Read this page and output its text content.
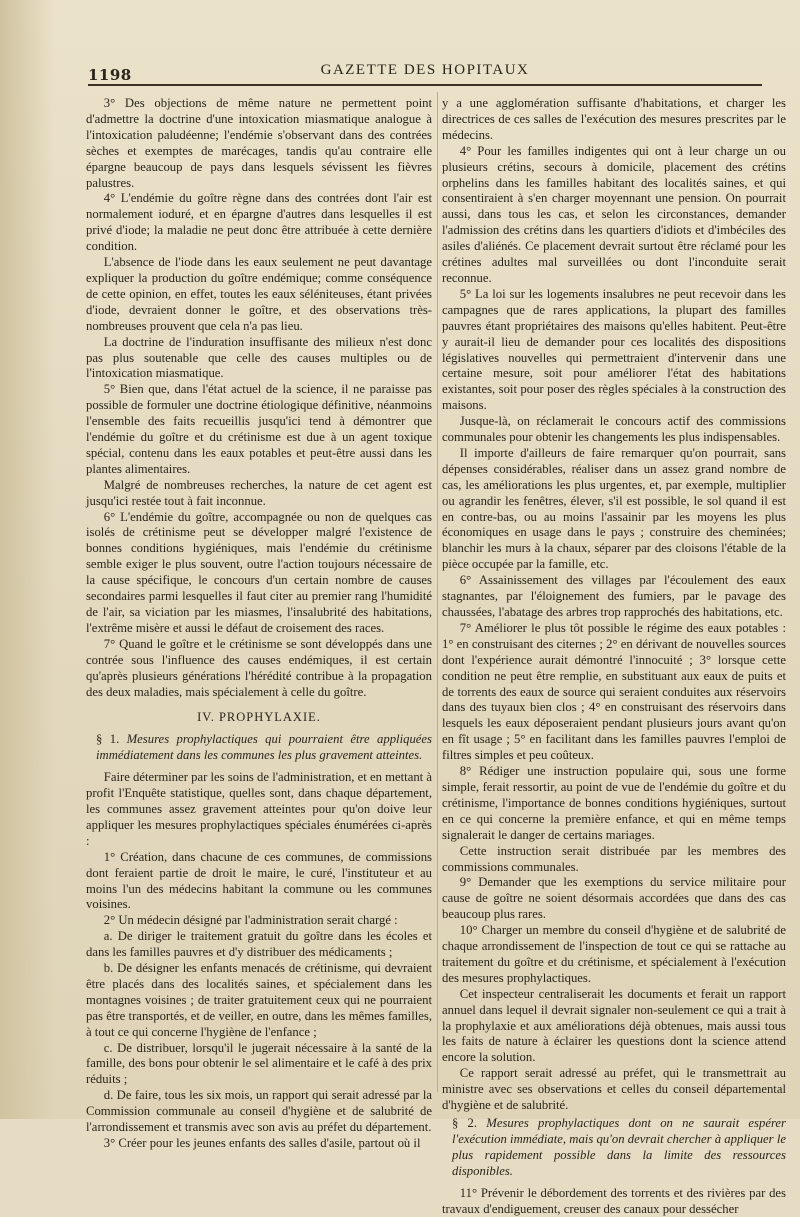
1198	GAZETTE DES HOPITAUX

3° Des objections de même nature ne permettent point d'admettre la doctrine d'une intoxication miasmatique analogue à l'intoxication paludéenne; l'endémie s'observant dans des contrées sèches et exemptes de marécages, tandis qu'au contraire elle épargne beaucoup de pays dans lesquels sévissent les fièvres palustres.

4° L'endémie du goître règne dans des contrées dont l'air est normalement ioduré, et en épargne d'autres dans lesquelles il est privé d'iode; la maladie ne peut donc être attribuée à cette dernière condition.

L'absence de l'iode dans les eaux seulement ne peut davantage expliquer la production du goître endémique; comme conséquence de cette opinion, en effet, toutes les eaux séléniteuses, étant privées d'iode, devraient donner le goître, et des observations très-nombreuses prouvent que cela n'a pas lieu.

La doctrine de l'induration insuffisante des milieux n'est donc pas plus soutenable que celle des causes multiples ou de l'intoxication miasmatique.

5° Bien que, dans l'état actuel de la science, il ne paraisse pas possible de formuler une doctrine étiologique définitive, néanmoins l'ensemble des faits recueillis jusqu'ici tend à démontrer que l'endémie du goître et du crétinisme est due à un agent toxique spécial, contenu dans les eaux potables et peut-être aussi dans les plantes alimentaires.

Malgré de nombreuses recherches, la nature de cet agent est jusqu'ici restée tout à fait inconnue.

6° L'endémie du goître, accompagnée ou non de quelques cas isolés de crétinisme peut se développer malgré l'existence de bonnes conditions hygiéniques, mais l'endémie du crétinisme semble exiger le plus souvent, outre l'action toujours nécessaire de la cause spécifique, le concours d'un certain nombre de causes secondaires parmi lesquelles il faut citer au premier rang l'humidité de l'air, sa viciation par les miasmes, l'insalubrité des habitations, l'extrême misère et aussi le défaut de croisement des races.

7° Quand le goître et le crétinisme se sont développés dans une contrée sous l'influence des causes endémiques, il est certain qu'après plusieurs générations l'hérédité contribue à la propagation des deux maladies, mais spécialement à celle du goître.

IV. PROPHYLAXIE.

§ 1. Mesures prophylactiques qui pourraient être appliquées immédiatement dans les communes les plus gravement atteintes.

Faire déterminer par les soins de l'administration, et en mettant à profit l'Enquête statistique, quelles sont, dans chaque département, les communes assez gravement atteintes pour qu'on doive leur appliquer les mesures prophylactiques spéciales énumérées ci-après :

1° Création, dans chacune de ces communes, de commissions dont feraient partie de droit le maire, le curé, l'instituteur et au moins l'un des médecins habitant la commune ou les communes voisines.

2° Un médecin désigné par l'administration serait chargé :

a. De diriger le traitement gratuit du goître dans les écoles et dans les familles pauvres et d'y distribuer des médicaments ;

b. De désigner les enfants menacés de crétinisme, qui devraient être placés dans des localités saines, et spécialement dans les montagnes voisines ; de traiter gratuitement ceux qui ne pourraient pas être transportés, et de veiller, en outre, dans les mêmes familles, à tout ce qui concerne l'hygiène de l'enfance ;

c. De distribuer, lorsqu'il le jugerait nécessaire à la santé de la famille, des bons pour obtenir le sel alimentaire et le café à des prix réduits ;

d. De faire, tous les six mois, un rapport qui serait adressé par la Commission communale au conseil d'hygiène et de salubrité de l'arrondissement et transmis avec son avis au préfet du département.

3° Créer pour les jeunes enfants des salles d'asile, partout où il

y a une agglomération suffisante d'habitations, et charger les directrices de ces salles de l'exécution des mesures prescrites par le médecins.

4° Pour les familles indigentes qui ont à leur charge un ou plusieurs crétins, secours à domicile, placement des crétins orphelins dans les familles habitant des localités saines, et qui consentiraient à s'en charger moyennant une pension. On pourrait aussi, dans tous les cas, et selon les circonstances, demander l'admission des crétins dans les quartiers d'idiots et d'imbéciles des asiles d'aliénés. Ce placement devrait surtout être réclamé pour les crétines adultes mal surveillées ou dont l'inconduite serait reconnue.

5° La loi sur les logements insalubres ne peut recevoir dans les campagnes que de rares applications, la plupart des familles pauvres étant propriétaires des maisons qu'elles habitent. Peut-être y aurait-il lieu de demander pour ces localités des dispositions législatives nouvelles qui permettraient d'intervenir dans une certaine mesure, soit pour améliorer l'état des habitations existantes, soit pour poser des règles spéciales à la construction des maisons.

Jusque-là, on réclamerait le concours actif des commissions communales pour obtenir les changements les plus indispensables.

Il importe d'ailleurs de faire remarquer qu'on pourrait, sans dépenses considérables, réaliser dans un assez grand nombre de cas, les améliorations les plus urgentes, et, par exemple, multiplier ou agrandir les fenêtres, élever, s'il est possible, le sol quand il est en contre-bas, ou au moins l'assainir par les moyens les plus économiques en usage dans le pays ; construire des cheminées; blanchir les murs à la chaux, séparer par des cloisons l'étable de la pièce occupée par la famille, etc.

6° Assainissement des villages par l'écoulement des eaux stagnantes, par l'éloignement des fumiers, par le pavage des chaussées, l'abatage des arbres trop rapprochés des habitations, etc.

7° Améliorer le plus tôt possible le régime des eaux potables : 1° en construisant des citernes ; 2° en dérivant de nouvelles sources dont l'expérience aurait démontré l'innocuité ; 3° lorsque cette condition ne peut être remplie, en substituant aux eaux de puits et de torrents des eaux de source qui seraient conduites aux réservoirs dans des tuyaux bien clos ; 4° en construisant des réservoirs dans lesquels les eaux déposeraient pendant plusieurs jours avant qu'on en fît usage ; 5° en facilitant dans les familles pauvres l'emploi de filtres simples et peu coûteux.

8° Rédiger une instruction populaire qui, sous une forme simple, ferait ressortir, au point de vue de l'endémie du goître et du crétinisme, l'importance de bonnes conditions hygiéniques, surtout en ce qui concerne la première enfance, et qui en même temps signalerait le danger de certains mariages.

Cette instruction serait distribuée par les membres des commissions communales.

9° Demander que les exemptions du service militaire pour cause de goître ne soient désormais accordées que dans des cas beaucoup plus rares.

10° Charger un membre du conseil d'hygiène et de salubrité de chaque arrondissement de l'inspection de tout ce qui se rattache au traitement du goître et du crétinisme, et spécialement à l'exécution des mesures prophylactiques.

Cet inspecteur centraliserait les documents et ferait un rapport annuel dans lequel il devrait signaler non-seulement ce qui a trait à la prophylaxie et aux améliorations déjà obtenues, mais aussi tous les faits de nature à éclairer les questions dont la science attend encore la solution.

Ce rapport serait adressé au préfet, qui le transmettrait au ministre avec ses observations et celles du conseil départemental d'hygiène et de salubrité.

§ 2. Mesures prophylactiques dont on ne saurait espérer l'exécution immédiate, mais qu'on devrait chercher à appliquer le plus rapidement possible dans la limite des ressources disponibles.

11° Prévenir le débordement des torrents et des rivières par des travaux d'endiguement, creuser des canaux pour dessécher
